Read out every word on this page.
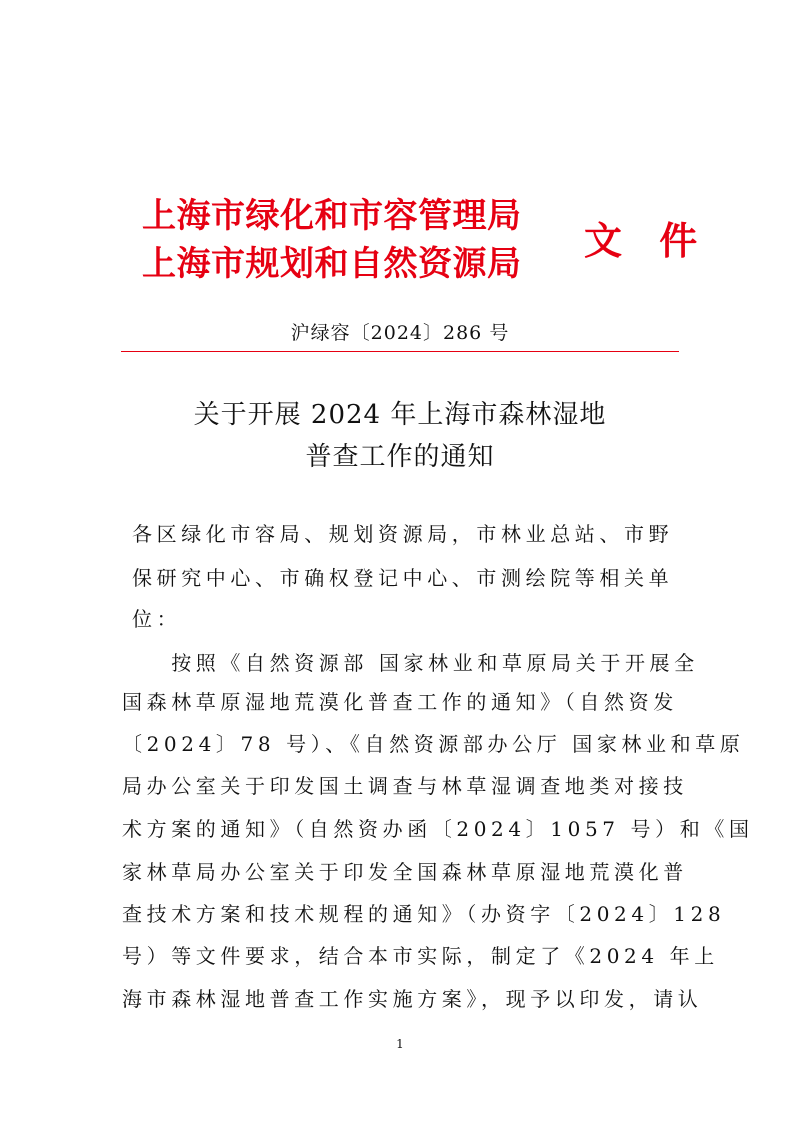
上海市绿化和市容管理局
上海市规划和自然资源局
文 件
沪绿容〔2024〕286 号
关于开展 2024 年上海市森林湿地
普查工作的通知
各区绿化市容局、规划资源局，市林业总站、市野
保研究中心、市确权登记中心、市测绘院等相关单
位：
　　按照《自然资源部 国家林业和草原局关于开展全
国森林草原湿地荒漠化普查工作的通知》（自然资发
〔2024〕78 号）、《自然资源部办公厅 国家林业和草原
局办公室关于印发国土调查与林草湿调查地类对接技
术方案的通知》（自然资办函〔2024〕1057 号）和《国
家林草局办公室关于印发全国森林草原湿地荒漠化普
查技术方案和技术规程的通知》（办资字〔2024〕128
号）等文件要求，结合本市实际，制定了《2024 年上
海市森林湿地普查工作实施方案》，现予以印发，请认
1
